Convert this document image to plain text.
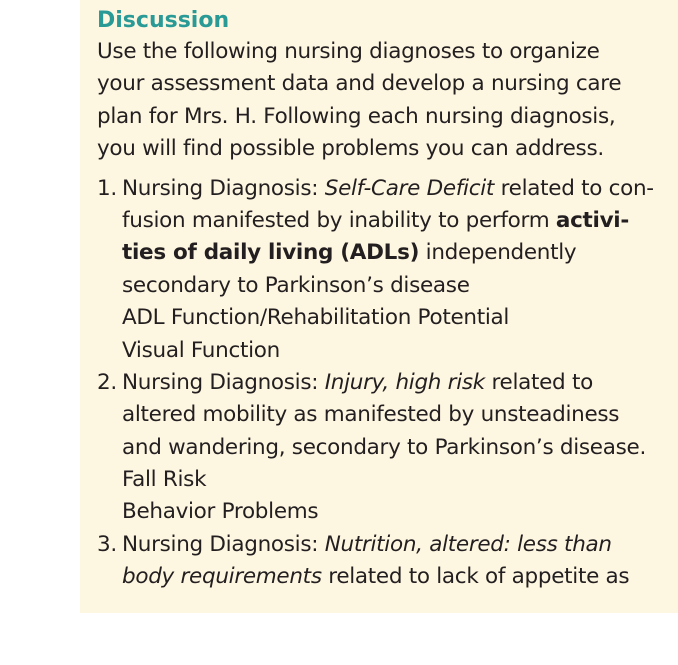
Discussion
Use the following nursing diagnoses to organize
your assessment data and develop a nursing care
plan for Mrs. H. Following each nursing diagnosis,
you will find possible problems you can address.
1. Nursing Diagnosis: Self-Care Deficit related to con-
fusion manifested by inability to perform activi-
ties of daily living (ADLs) independently
secondary to Parkinson’s disease
ADL Function/Rehabilitation Potential
Visual Function
2. Nursing Diagnosis: Injury, high risk related to
altered mobility as manifested by unsteadiness
and wandering, secondary to Parkinson’s disease.
Fall Risk
Behavior Problems
3. Nursing Diagnosis: Nutrition, altered: less than
body requirements related to lack of appetite as
